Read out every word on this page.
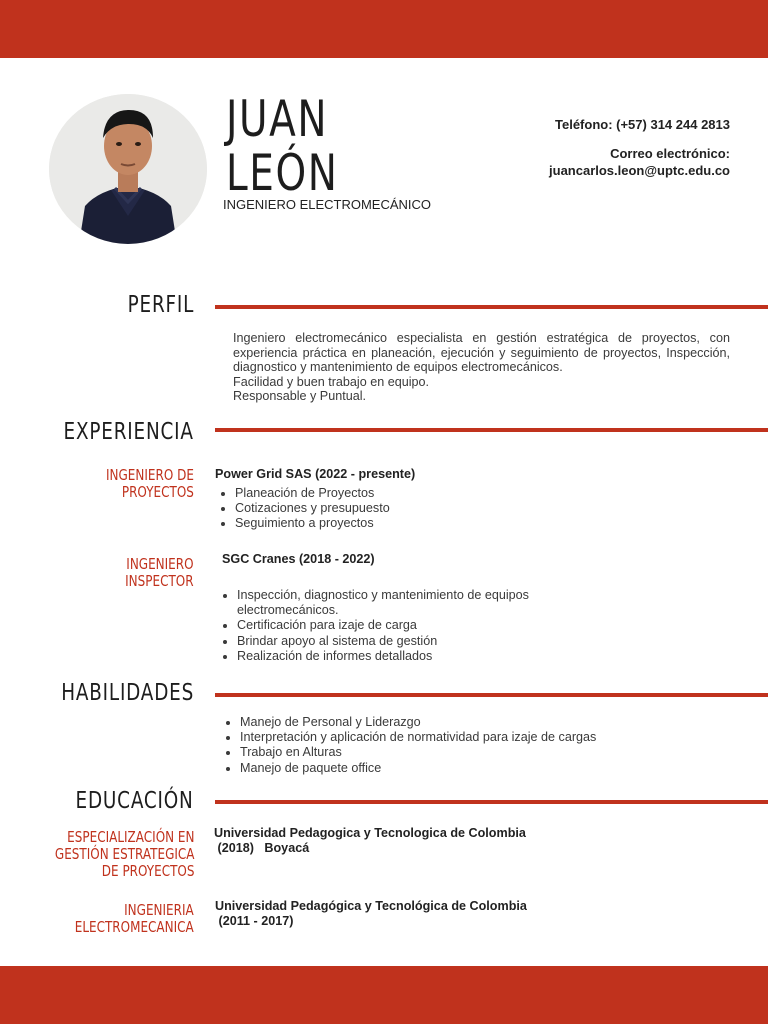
JUAN
LEÓN
INGENIERO ELECTROMECÁNICO
Teléfono: (+57) 314 244 2813
Correo electrónico:
juancarlos.leon@uptc.edu.co
PERFIL

Ingeniero electromecánico especialista en gestión estratégica de proyectos, con experiencia práctica en planeación, ejecución y seguimiento de proyectos, Inspección, diagnostico y mantenimiento de equipos electromecánicos.

Facilidad y buen trabajo en equipo.

Responsable y Puntual.

EXPERIENCIA
INGENIERO DE
PROYECTOS
Power Grid SAS (2022 - presente)
• Planeación de Proyectos
• Cotizaciones y presupuesto
• Seguimiento a proyectos
INGENIERO
INSPECTOR
SGC Cranes (2018 - 2022)
• Inspección, diagnostico y mantenimiento de equipos electromecánicos.
• Certificación para izaje de carga
• Brindar apoyo al sistema de gestión
• Realización de informes detallados
HABILIDADES
• Manejo de Personal y Liderazgo
• Interpretación y aplicación de normatividad para izaje de cargas
• Trabajo en Alturas
• Manejo de paquete office
EDUCACIÓN
ESPECIALIZACIÓN EN
GESTIÓN ESTRATEGICA
DE PROYECTOS
Universidad Pedagogica y Tecnologica de Colombia
(2018)   Boyacá
INGENIERIA
ELECTROMECANICA
Universidad Pedagógica y Tecnológica de Colombia
(2011 - 2017)
